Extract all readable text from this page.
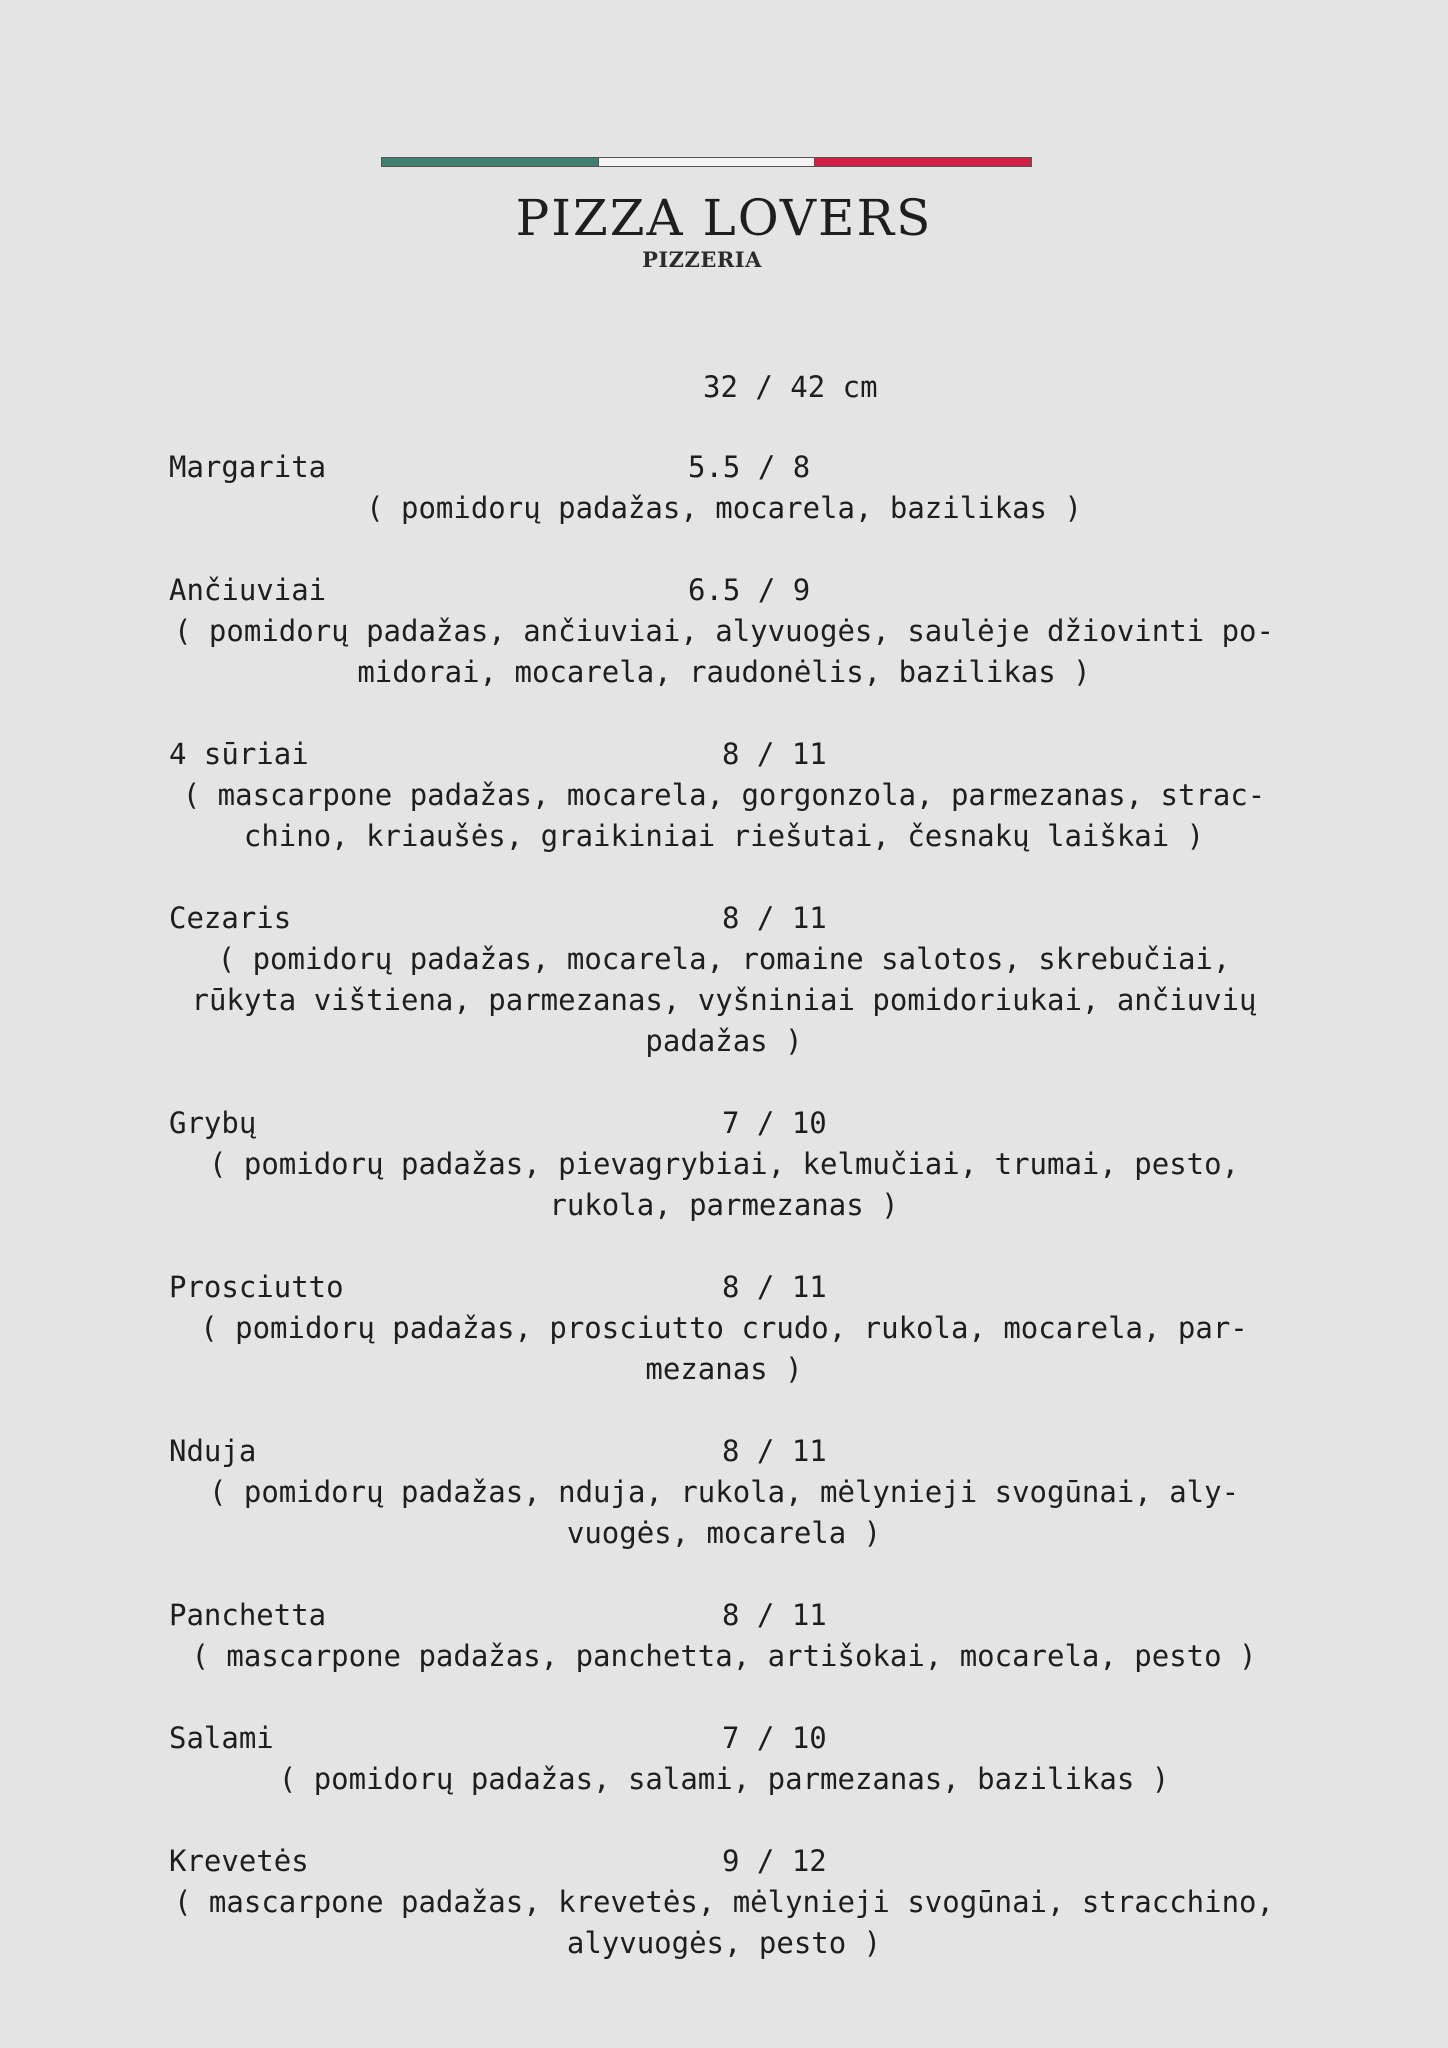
PIZZA LOVERS
PIZZERIA
32 / 42 cm
Margarita	5.5 / 8
( pomidorų padažas, mocarela, bazilikas )
Ančiuviai	6.5 / 9
( pomidorų padažas, ančiuviai, alyvuogės, saulėje džiovinti po-
midorai, mocarela, raudonėlis, bazilikas )
4 sūriai	8 / 11
( mascarpone padažas, mocarela, gorgonzola, parmezanas, strac-
chino, kriaušės, graikiniai riešutai, česnakų laiškai )
Cezaris	8 / 11
( pomidorų padažas, mocarela, romaine salotos, skrebučiai,
rūkyta vištiena, parmezanas, vyšniniai pomidoriukai, ančiuvių
padažas )
Grybų	7 / 10
( pomidorų padažas, pievagrybiai, kelmučiai, trumai, pesto,
rukola, parmezanas )
Prosciutto	8 / 11
( pomidorų padažas, prosciutto crudo, rukola, mocarela, par-
mezanas )
Nduja	8 / 11
( pomidorų padažas, nduja, rukola, mėlynieji svogūnai, aly-
vuogės, mocarela )
Panchetta	8 / 11
( mascarpone padažas, panchetta, artišokai, mocarela, pesto )
Salami	7 / 10
( pomidorų padažas, salami, parmezanas, bazilikas )
Krevetės	9 / 12
( mascarpone padažas, krevetės, mėlynieji svogūnai, stracchino,
alyvuogės, pesto )
